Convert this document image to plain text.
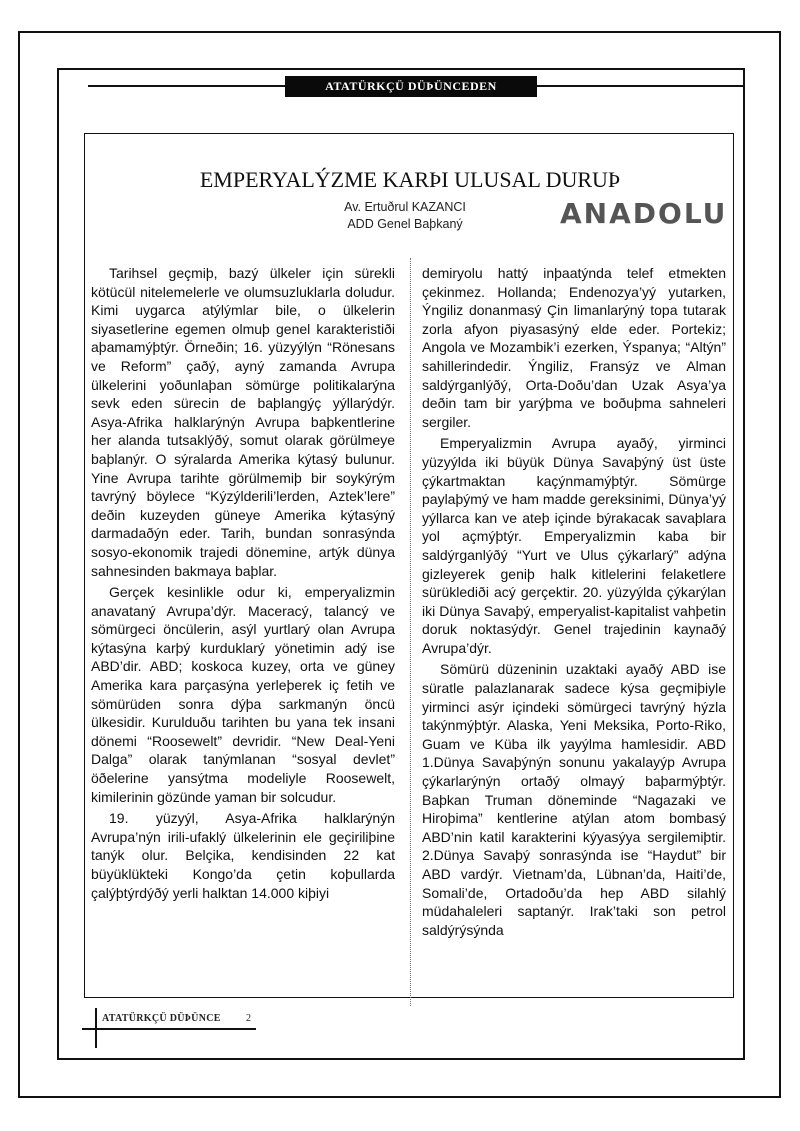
ATATÜRKÇÜ DÜÞÜNCEDEN
EMPERYALÝZME KARÞI ULUSAL DURUÞ
Av. Ertuðrul KAZANCI
ADD Genel Baþkaný	ANADOLU

Tarihsel geçmiþ, bazý ülkeler için sürekli kötücül nitelemelerle ve olumsuzluklarla doludur. Kimi uygarca atýlýmlar bile, o ülkelerin siyasetlerine egemen olmuþ genel karakteristiði aþamamýþtýr. Örneðin; 16. yüzyýlýn “Rönesans ve Reform” çaðý, ayný zamanda Avrupa ülkelerini yoðunlaþan sömürge politikalarýna sevk eden sürecin de baþlangýç yýllarýdýr. Asya-Afrika halklarýnýn Avrupa baþkentlerine her alanda tutsaklýðý, somut olarak görülmeye baþlanýr. O sýralarda Amerika kýtasý bulunur. Yine Avrupa tarihte görülmemiþ bir soykýrým tavrýný böylece “Kýzýlderili’lerden, Aztek’lere” deðin kuzeyden güneye Amerika kýtasýný darmadaðýn eder. Tarih, bundan sonrasýnda sosyo-ekonomik trajedi dönemine, artýk dünya sahnesinden bakmaya baþlar.

Gerçek kesinlikle odur ki, emperyalizmin anavataný Avrupa’dýr. Maceracý, talancý ve sömürgeci öncülerin, asýl yurtlarý olan Avrupa kýtasýna karþý kurduklarý yönetimin adý ise ABD’dir. ABD; koskoca kuzey, orta ve güney Amerika kara parçasýna yerleþerek iç fetih ve sömürüden sonra dýþa sarkmanýn öncü ülkesidir. Kurulduðu tarihten bu yana tek insani dönemi “Roosewelt” devridir. “New Deal-Yeni Dalga” olarak tanýmlanan “sosyal devlet” öðelerine yansýtma modeliyle Roosewelt, kimilerinin gözünde yaman bir solcudur.

19. yüzyýl, Asya-Afrika halklarýnýn Avrupa’nýn irili-ufaklý ülkelerinin ele geçiriliþine tanýk olur. Belçika, kendisinden 22 kat büyüklükteki Kongo’da çetin koþullarda çalýþtýrdýðý yerli halktan 14.000 kiþiyi

demiryolu hattý inþaatýnda telef etmekten çekinmez. Hollanda; Endenozya’yý yutarken, Ýngiliz donanmasý Çin limanlarýný topa tutarak zorla afyon piyasasýný elde eder. Portekiz; Angola ve Mozambik’i ezerken, Ýspanya; “Altýn” sahillerindedir. Ýngiliz, Fransýz ve Alman saldýrganlýðý, Orta-Doðu’dan Uzak Asya’ya deðin tam bir yarýþma ve boðuþma sahneleri sergiler.

Emperyalizmin Avrupa ayaðý, yirminci yüzyýlda iki büyük Dünya Savaþýný üst üste çýkartmaktan kaçýnmamýþtýr. Sömürge paylaþýmý ve ham madde gereksinimi, Dünya’yý yýllarca kan ve ateþ içinde býrakacak savaþlara yol açmýþtýr. Emperyalizmin kaba bir saldýrganlýðý “Yurt ve Ulus çýkarlarý” adýna gizleyerek geniþ halk kitlelerini felaketlere sürüklediði acý gerçektir. 20. yüzyýlda çýkarýlan iki Dünya Savaþý, emperyalist-kapitalist vahþetin doruk noktasýdýr. Genel trajedinin kaynaðý Avrupa’dýr.

Sömürü düzeninin uzaktaki ayaðý ABD ise süratle palazlanarak sadece kýsa geçmiþiyle yirminci asýr içindeki sömürgeci tavrýný hýzla takýnmýþtýr. Alaska, Yeni Meksika, Porto-Riko, Guam ve Küba ilk yayýlma hamlesidir. ABD 1.Dünya Savaþýnýn sonunu yakalayýp Avrupa çýkarlarýnýn ortaðý olmayý baþarmýþtýr. Baþkan Truman döneminde “Nagazaki ve Hiroþima” kentlerine atýlan atom bombasý ABD’nin katil karakterini kýyasýya sergilemiþtir. 2.Dünya Savaþý sonrasýnda ise “Haydut” bir ABD vardýr. Vietnam’da, Lübnan’da, Haiti’de, Somali’de, Ortadoðu’da hep ABD silahlý müdahaleleri saptanýr. Irak’taki son petrol saldýrýsýnda

ATATÜRKÇÜ DÜÞÜNCE	2
